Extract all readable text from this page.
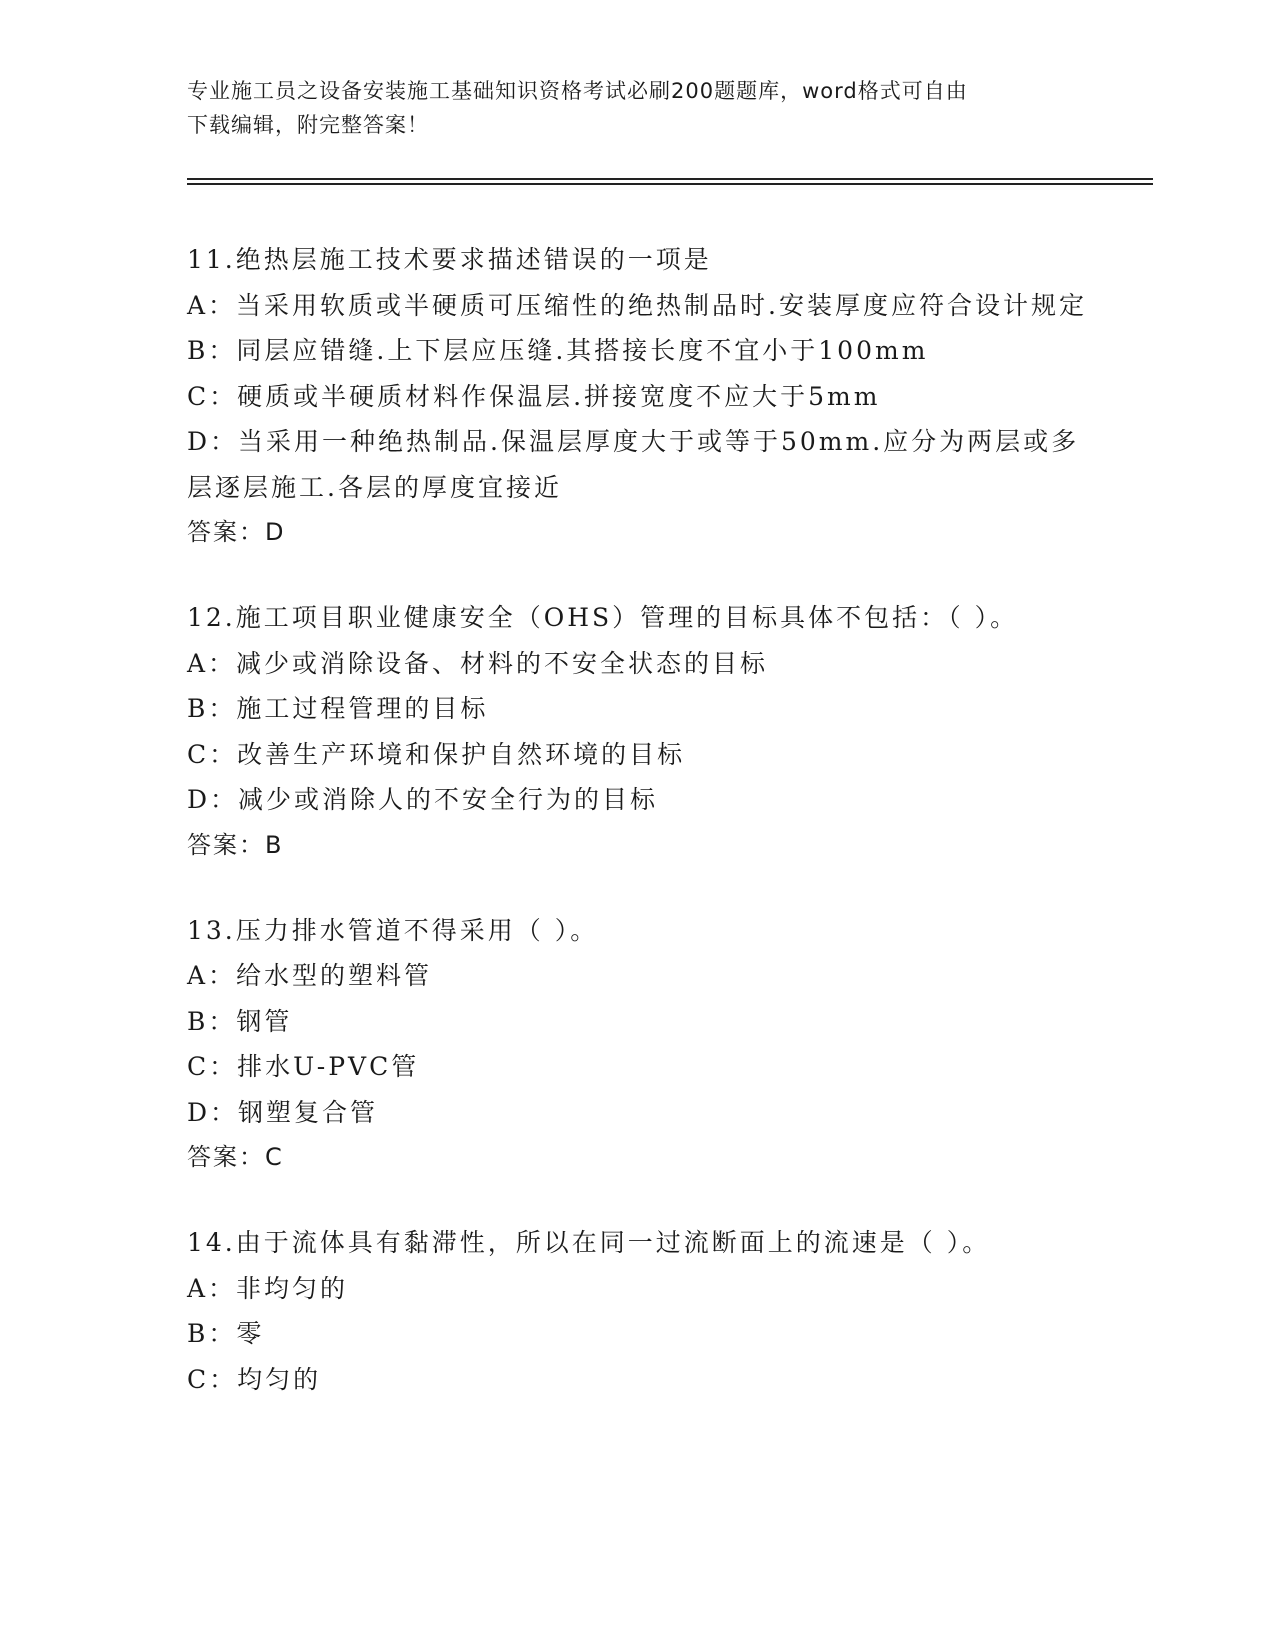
专业施工员之设备安装施工基础知识资格考试必刷200题题库，word格式可自由
下载编辑，附完整答案！

11.绝热层施工技术要求描述错误的一项是

A：当采用软质或半硬质可压缩性的绝热制品时.安装厚度应符合设计规定

B：同层应错缝.上下层应压缝.其搭接长度不宜小于100mm

C：硬质或半硬质材料作保温层.拼接宽度不应大于5mm

D：当采用一种绝热制品.保温层厚度大于或等于50mm.应分为两层或多层逐层施工.各层的厚度宜接近

答案：D

12.施工项目职业健康安全（OHS）管理的目标具体不包括：（ ）。

A：减少或消除设备、材料的不安全状态的目标

B：施工过程管理的目标

C：改善生产环境和保护自然环境的目标

D：减少或消除人的不安全行为的目标

答案：B

13.压力排水管道不得采用（ ）。

A：给水型的塑料管

B：钢管

C：排水U-PVC管

D：钢塑复合管

答案：C

14.由于流体具有黏滞性，所以在同一过流断面上的流速是（ ）。

A：非均匀的

B：零

C：均匀的
